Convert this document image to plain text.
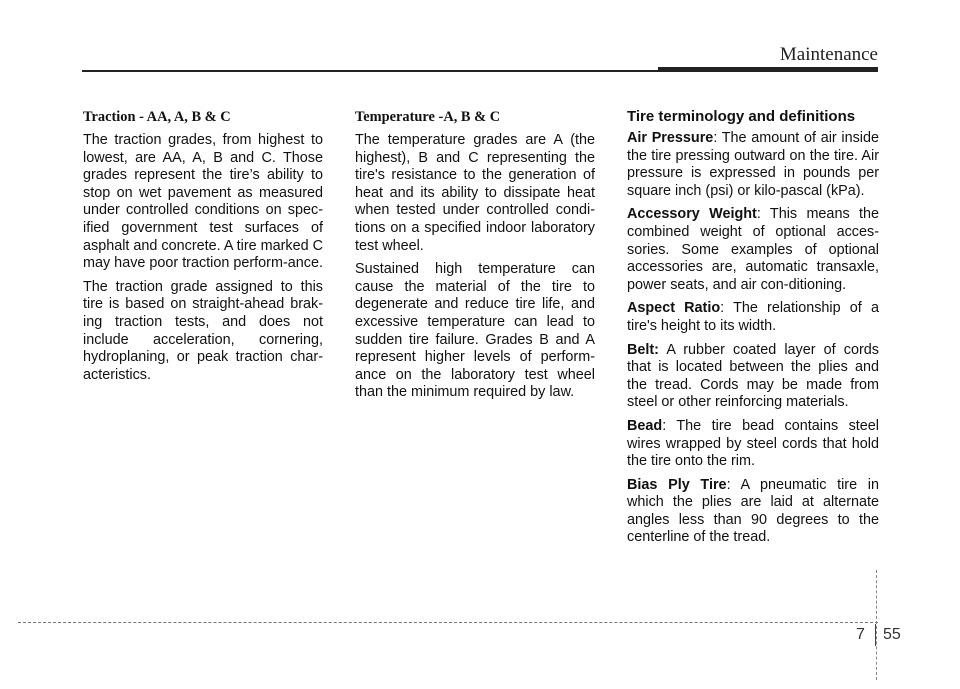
Maintenance
Traction - AA, A, B & C

The traction grades, from highest to lowest, are AA, A, B and C. Those grades represent the tire’s ability to stop on wet pavement as measured under controlled conditions on spec-ified government test surfaces of asphalt and concrete. A tire marked C may have poor traction perform-ance.

The traction grade assigned to this tire is based on straight-ahead brak-ing traction tests, and does not include acceleration, cornering, hydroplaning, or peak traction char-acteristics.

Temperature -A, B & C

The temperature grades are A (the highest), B and C representing the tire's resistance to the generation of heat and its ability to dissipate heat when tested under controlled condi-tions on a specified indoor laboratory test wheel.

Sustained high temperature can cause the material of the tire to degenerate and reduce tire life, and excessive temperature can lead to sudden tire failure. Grades B and A represent higher levels of perform-ance on the laboratory test wheel than the minimum required by law.

Tire terminology and definitions

Air Pressure: The amount of air inside the tire pressing outward on the tire. Air pressure is expressed in pounds per square inch (psi) or kilo-pascal (kPa).

Accessory Weight: This means the combined weight of optional acces-sories. Some examples of optional accessories are, automatic transaxle, power seats, and air con-ditioning.

Aspect Ratio: The relationship of a tire's height to its width.

Belt: A rubber coated layer of cords that is located between the plies and the tread. Cords may be made from steel or other reinforcing materials.

Bead: The tire bead contains steel wires wrapped by steel cords that hold the tire onto the rim.

Bias Ply Tire: A pneumatic tire in which the plies are laid at alternate angles less than 90 degrees to the centerline of the tread.

7 55
